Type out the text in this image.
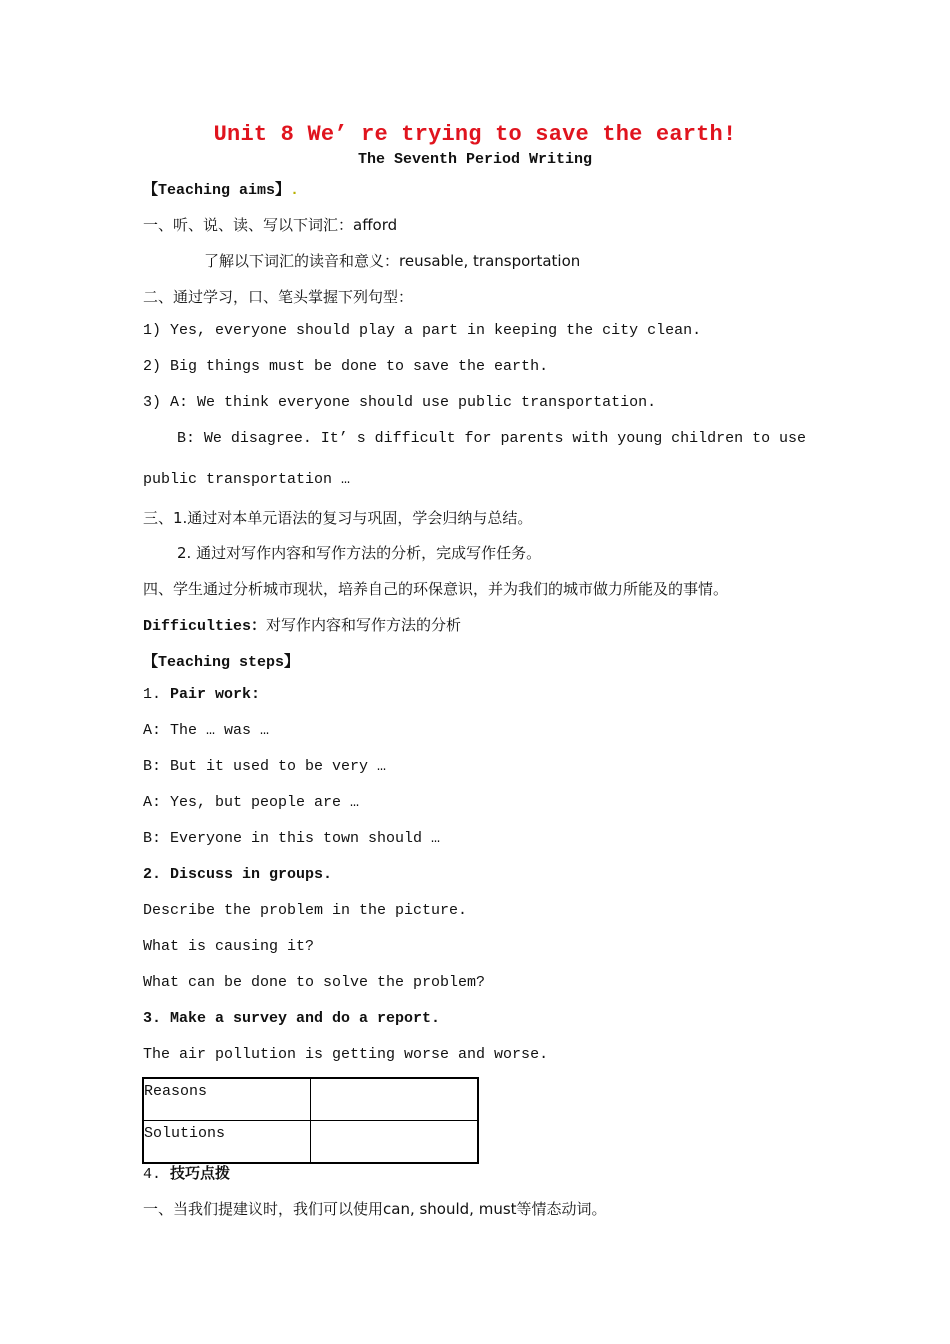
Unit 8 We’ re trying to save the earth!
The Seventh Period Writing
【Teaching aims】.
一、听、说、读、写以下词汇：afford
了解以下词汇的读音和意义：reusable, transportation
二、通过学习，口、笔头掌握下列句型：
1) Yes, everyone should play a part in keeping the city clean.
2) Big things must be done to save the earth.
3) A: We think everyone should use public transportation.
B: We disagree. It’ s difficult for parents with young children to use
public transportation …
三、1.通过对本单元语法的复习与巩固，学会归纳与总结。
2. 通过对写作内容和写作方法的分析，完成写作任务。
四、学生通过分析城市现状，培养自己的环保意识，并为我们的城市做力所能及的事情。
Difficulties：对写作内容和写作方法的分析
【Teaching steps】
1. Pair work:
A: The … was …
B: But it used to be very …
A: Yes, but people are …
B: Everyone in this town should …
2. Discuss in groups.
Describe the problem in the picture.
What is causing it?
What can be done to solve the problem?
3. Make a survey and do a report.
The air pollution is getting worse and worse.
Reasons	
Solutions	
4. 技巧点拨
一、当我们提建议时，我们可以使用can, should, must等情态动词。
